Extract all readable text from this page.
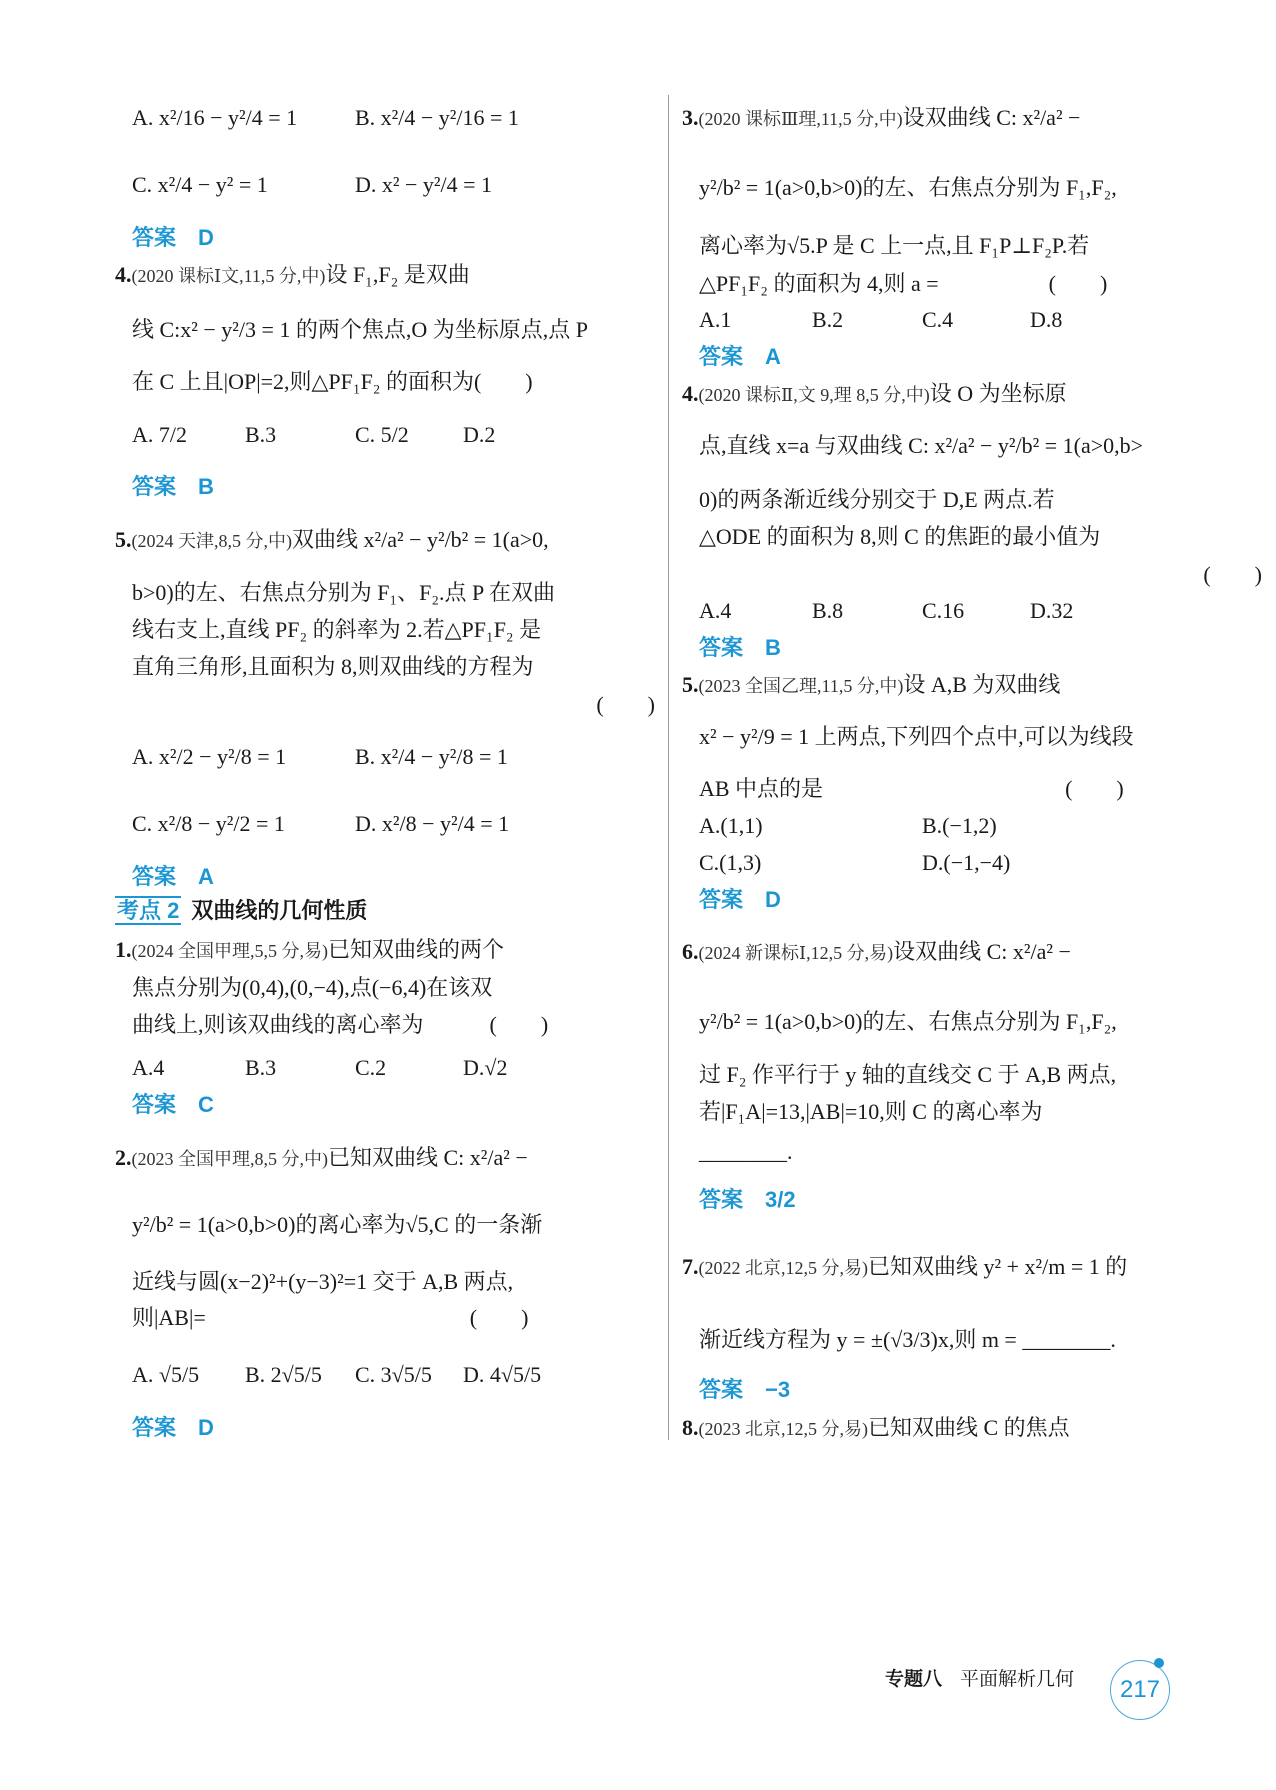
考点 2 双曲线的几何性质
专题八 平面解析几何	217
A. x²/16 − y²/4 = 1	B. x²/4 − y²/16 = 1
C. x²/4 − y² = 1	D. x² − y²/4 = 1
答案 D
4.(2020 课标Ⅰ文,11,5 分,中)设 F₁,F₂ 是双曲
线 C:x² − y²/3 = 1 的两个焦点,O 为坐标原点,点 P
在 C 上且|OP|=2,则△PF₁F₂ 的面积为(　　)
A. 7/2	B.3	C. 5/2 D.2
答案 B
5.(2024 天津,8,5 分,中)双曲线 x²/a² − y²/b² = 1(a>0,
b>0)的左、右焦点分别为 F₁、F₂.点 P 在双曲
线右支上,直线 PF₂ 的斜率为 2.若△PF₁F₂ 是
直角三角形,且面积为 8,则双曲线的方程为
(　　)
A. x²/2 − y²/8 = 1	B. x²/4 − y²/8 = 1
C. x²/8 − y²/2 = 1	D. x²/8 − y²/4 = 1
答案 A
1.(2024 全国甲理,5,5 分,易)已知双曲线的两个
焦点分别为(0,4),(0,−4),点(−6,4)在该双
曲线上,则该双曲线的离心率为　　　(　　)
A.4	B.3	C.2	D.√2
答案 C
2.(2023 全国甲理,8,5 分,中)已知双曲线 C: x²/a² −
y²/b² = 1(a>0,b>0)的离心率为√5,C 的一条渐
近线与圆(x−2)²+(y−3)²=1 交于 A,B 两点,
则|AB|=　　　　　　　　　　　　(　　)
A. √5/5 B. 2√5/5 C. 3√5/5 D. 4√5/5
答案 D
3.(2020 课标Ⅲ理,11,5 分,中)设双曲线 C: x²/a² −
y²/b² = 1(a>0,b>0)的左、右焦点分别为 F₁,F₂,
离心率为√5.P 是 C 上一点,且 F₁P⊥F₂P.若
△PF₁F₂ 的面积为 4,则 a =　　　　　(　　)
A.1	B.2	C.4	D.8
答案 A
4.(2020 课标Ⅱ,文 9,理 8,5 分,中)设 O 为坐标原
点,直线 x=a 与双曲线 C: x²/a² − y²/b² = 1(a>0,b>
0)的两条渐近线分别交于 D,E 两点.若
△ODE 的面积为 8,则 C 的焦距的最小值为
(　　)
A.4	B.8	C.16	D.32
答案 B
5.(2023 全国乙理,11,5 分,中)设 A,B 为双曲线
x² − y²/9 = 1 上两点,下列四个点中,可以为线段
AB 中点的是　　　　　　　　　　　(　　)
A.(1,1)	B.(−1,2)
C.(1,3)	D.(−1,−4)
答案 D
6.(2024 新课标Ⅰ,12,5 分,易)设双曲线 C: x²/a² −
y²/b² = 1(a>0,b>0)的左、右焦点分别为 F₁,F₂,
过 F₂ 作平行于 y 轴的直线交 C 于 A,B 两点,
若|F₁A|=13,|AB|=10,则 C 的离心率为
________.
答案 3/2
7.(2022 北京,12,5 分,易)已知双曲线 y² + x²/m = 1 的
渐近线方程为 y = ±(√3/3)x,则 m = ________.
答案 −3
8.(2023 北京,12,5 分,易)已知双曲线 C 的焦点
